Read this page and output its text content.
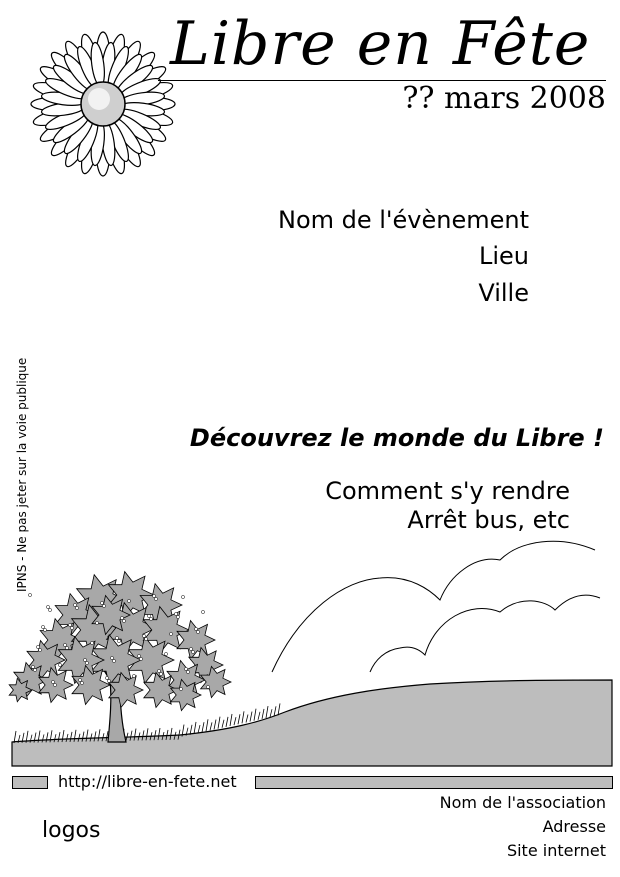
Libre en Fête
?? mars 2008
Nom de l'évènement
Lieu
Ville
IPNS - Ne pas jeter sur la voie publique	Découvrez le monde du Libre !
Comment s'y rendre
Arrêt bus, etc
http://libre-en-fete.net
logos
Nom de l'association
Adresse
Site internet
